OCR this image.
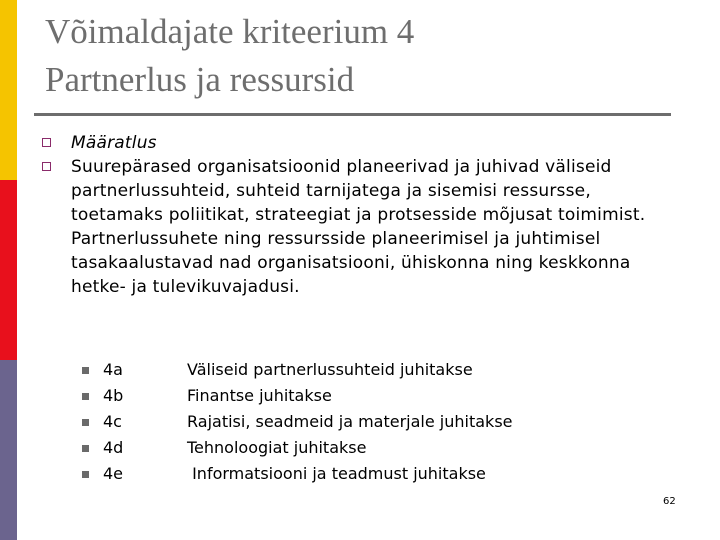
Võimaldajate kriteerium 4
Partnerlus ja ressursid
Määratlus
Suurepärased organisatsioonid planeerivad ja juhivad väliseid partnerlussuhteid, suhteid tarnijatega ja sisemisi ressursse, toetamaks poliitikat, strateegiat ja protsesside mõjusat toimimist. Partnerlussuhete ning ressursside planeerimisel ja juhtimisel tasakaalustavad nad organisatsiooni, ühiskonna ning keskkonna hetke- ja tulevikuvajadusi.
4a	Väliseid partnerlussuhteid juhitakse
4b	Finantse juhitakse
4c	Rajatisi, seadmeid ja materjale juhitakse
4d	Tehnoloogiat juhitakse
4e	Informatsiooni ja teadmust juhitakse
62
